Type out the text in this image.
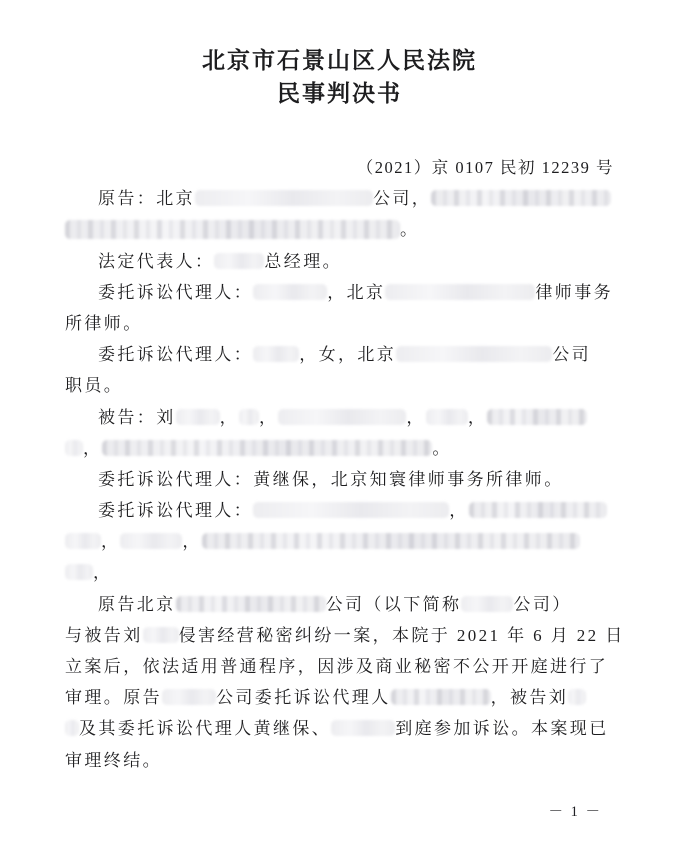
北京市石景山区人民法院
民事判决书
（2021）京 0107 民初 12239 号
原告：北京	公司，
。
法定代表人：	总经理。
委托诉讼代理人：	，北京	律师事务
所律师。
委托诉讼代理人：	，女，北京	公司
职员。
被告：刘	， ，	， ，
，	。
委托诉讼代理人：黄继保，北京知寰律师事务所律师。
委托诉讼代理人：	，
，	，
，
原告北京	公司（以下简称	公司）
与被告刘 侵害经营秘密纠纷一案，本院于 2021 年 6 月 22 日
立案后，依法适用普通程序，因涉及商业秘密不公开开庭进行了
审理。原告	公司委托诉讼代理人	，被告刘
及其委托诉讼代理人黄继保、	到庭参加诉讼。本案现已
审理终结。
－ 1 －
